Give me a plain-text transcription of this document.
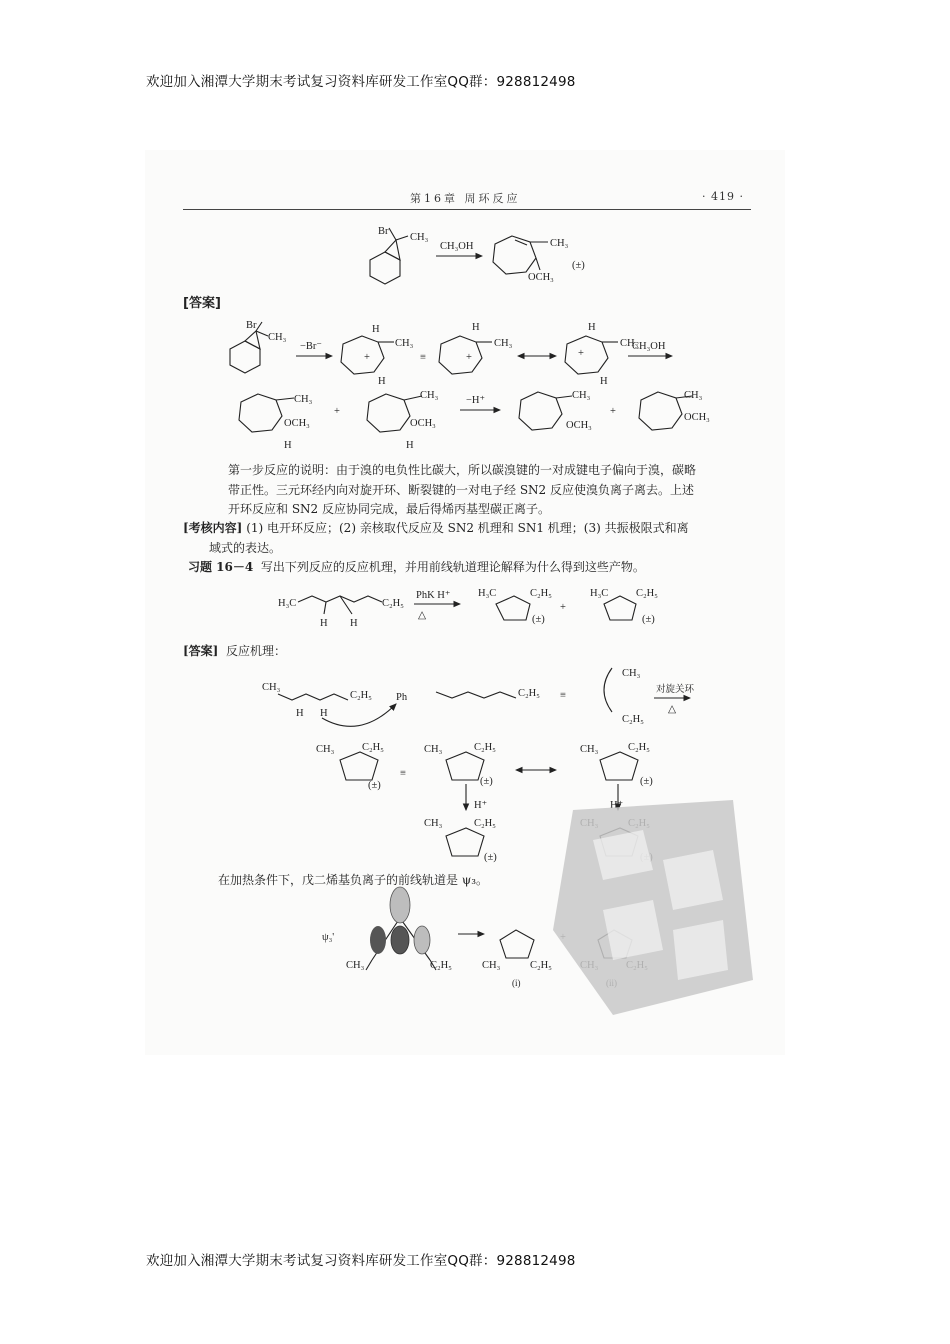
欢迎加入湘潭大学期末考试复习资料库研发工作室QQ群：928812498
第16章 周环反应	· 419 ·
Br
CH₃
CH₃OH	CH₃
OCH₃
(±)
Br
CH₃
−Br⁻	CH₃
H
H
+	≡
CH₃
H
+
CH₃
H
H
+
CH₃OH
CH₃
OCH₃
H
+
CH₃
OCH₃
H
−H⁺	CH₃
OCH₃
+
CH₃
OCH₃
H₃C
H H
C₂H₅
PhK H⁺
△
H₃C	C₂H₅
(±)
+
H₃C	C₂H₅
(±)
CH₃
C₂H₅
H H
Ph	C₂H₅ ≡
CH₃
C₂H₅
对旋关环
△
CH₃	C₂H₅
(±)
≡
CH₃	C₂H₅
(±)
H⁺
CH₃	C₂H₅
(±)
H⁺
CH₃	C₂H₅
(±)
ψ₃'
CH₃	C₂H₅	CH₃	C₂H₅
(i)
[答案]
第一步反应的说明：由于溴的电负性比碳大，所以碳溴键的一对成键电子偏向于溴，碳略
带正性。三元环经内向对旋开环、断裂键的一对电子经 SN2 反应使溴负离子离去。上述
开环反应和 SN2 反应协同完成，最后得烯丙基型碳正离子。
[考核内容] (1) 电开环反应；(2) 亲核取代反应及 SN2 机理和 SN1 机理；(3) 共振极限式和离
域式的表达。
习题 16－4 写出下列反应的反应机理，并用前线轨道理论解释为什么得到这些产物。
[答案] 反应机理：
在加热条件下，戊二烯基负离子的前线轨道是 ψ₃。
欢迎加入湘潭大学期末考试复习资料库研发工作室QQ群：928812498
